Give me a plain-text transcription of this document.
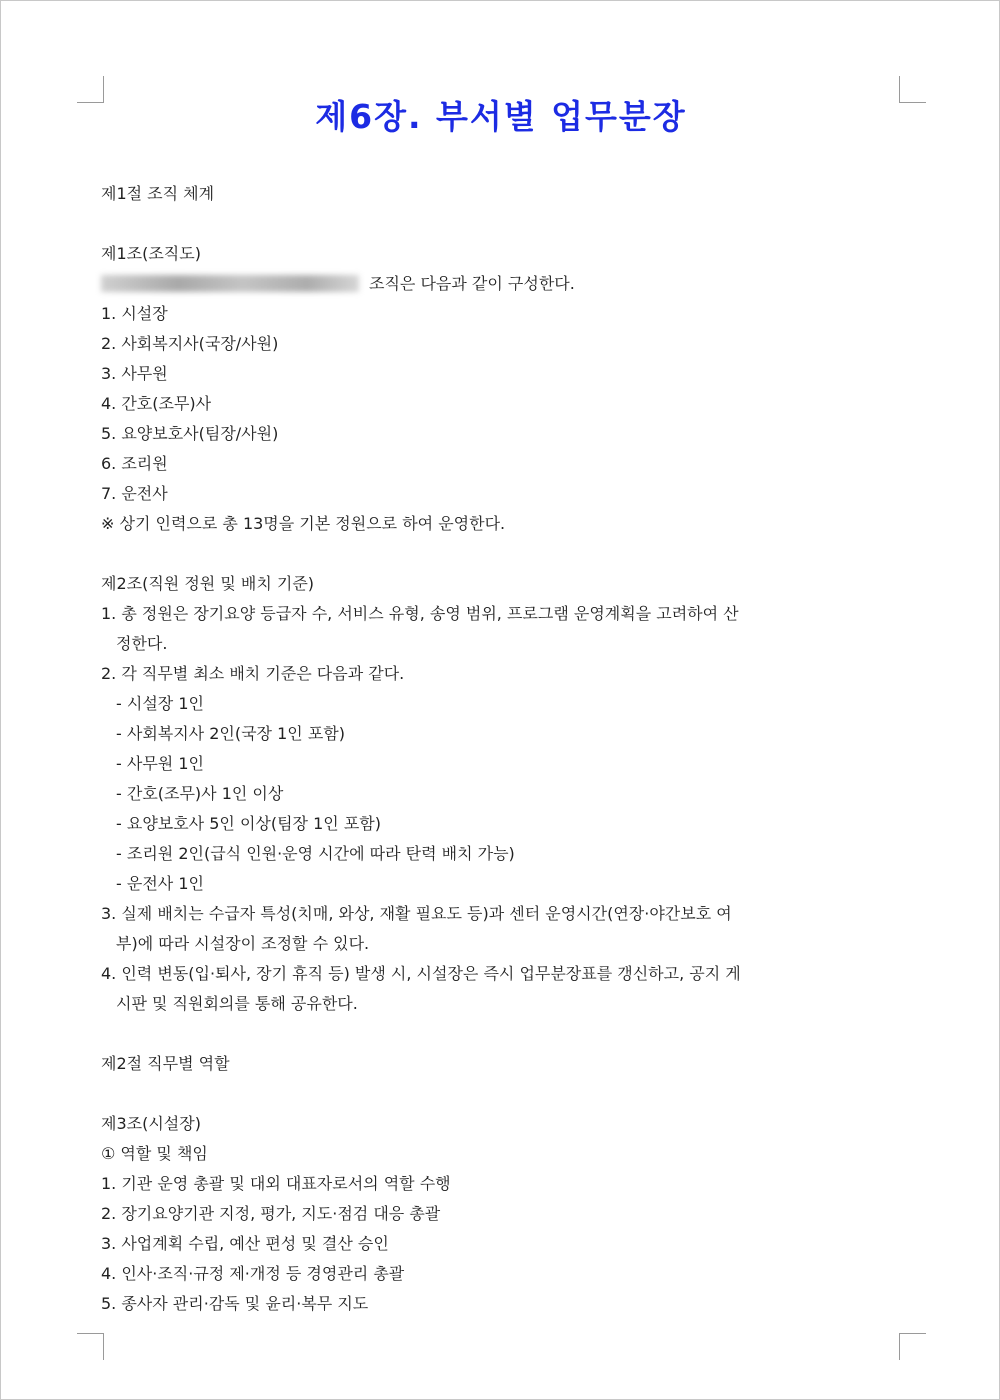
제6장. 부서별 업무분장
제1절 조직 체계
제1조(조직도)
조직은 다음과 같이 구성한다.
1. 시설장
2. 사회복지사(국장/사원)
3. 사무원
4. 간호(조무)사
5. 요양보호사(팀장/사원)
6. 조리원
7. 운전사
※ 상기 인력으로 총 13명을 기본 정원으로 하여 운영한다.
제2조(직원 정원 및 배치 기준)
1. 총 정원은 장기요양 등급자 수, 서비스 유형, 송영 범위, 프로그램 운영계획을 고려하여 산
정한다.
2. 각 직무별 최소 배치 기준은 다음과 같다.
- 시설장 1인
- 사회복지사 2인(국장 1인 포함)
- 사무원 1인
- 간호(조무)사 1인 이상
- 요양보호사 5인 이상(팀장 1인 포함)
- 조리원 2인(급식 인원·운영 시간에 따라 탄력 배치 가능)
- 운전사 1인
3. 실제 배치는 수급자 특성(치매, 와상, 재활 필요도 등)과 센터 운영시간(연장·야간보호 여
부)에 따라 시설장이 조정할 수 있다.
4. 인력 변동(입·퇴사, 장기 휴직 등) 발생 시, 시설장은 즉시 업무분장표를 갱신하고, 공지 게
시판 및 직원회의를 통해 공유한다.
제2절 직무별 역할
제3조(시설장)
① 역할 및 책임
1. 기관 운영 총괄 및 대외 대표자로서의 역할 수행
2. 장기요양기관 지정, 평가, 지도·점검 대응 총괄
3. 사업계획 수립, 예산 편성 및 결산 승인
4. 인사·조직·규정 제·개정 등 경영관리 총괄
5. 종사자 관리·감독 및 윤리·복무 지도
